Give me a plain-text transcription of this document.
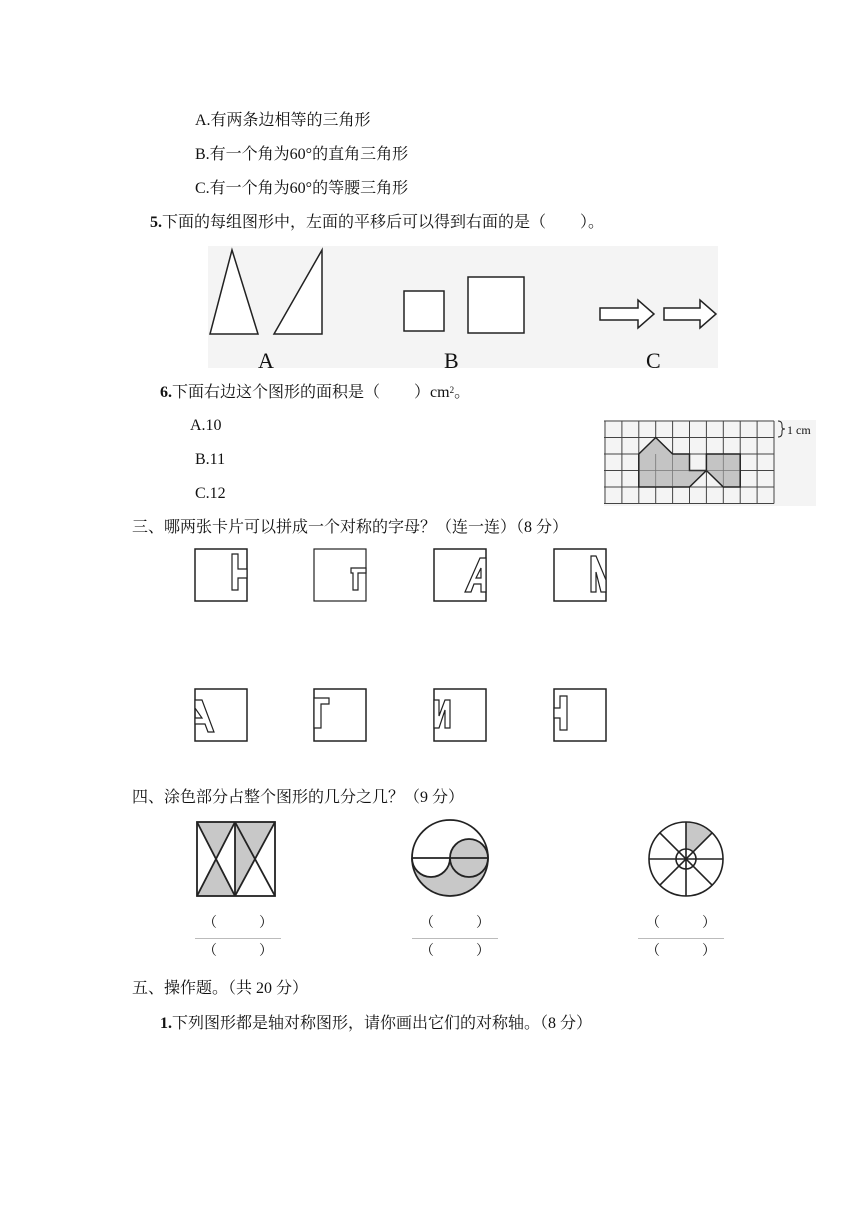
A.有两条边相等的三角形
B.有一个角为60°的直角三角形
C.有一个角为60°的等腰三角形
5.下面的每组图形中，左面的平移后可以得到右面的是（ ）。
A	B	C
6.下面右边这个图形的面积是（ ）$cm^2$。
A.10
B.11
C.12
1 cm
三、哪两张卡片可以拼成一个对称的字母？（连一连）（8 分）
四、涂色部分占整个图形的几分之几？（9 分）
（	）
（	）
（	）
（	）
（	）
（	）
五、操作题。（共 20 分）
1.下列图形都是轴对称图形，请你画出它们的对称轴。（8 分）
